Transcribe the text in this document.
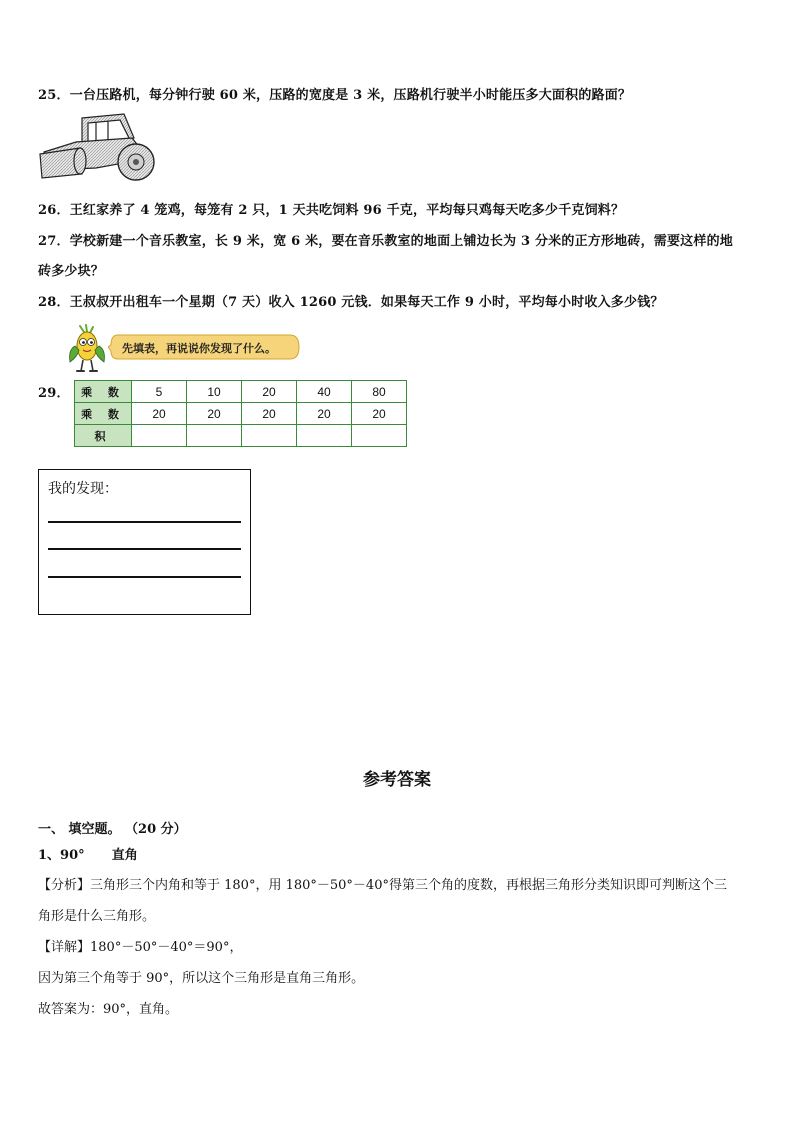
25．一台压路机，每分钟行驶 60 米，压路的宽度是 3 米，压路机行驶半小时能压多大面积的路面？
26．王红家养了 4 笼鸡，每笼有 2 只，1 天共吃饲料 96 千克，平均每只鸡每天吃多少千克饲料？
27．学校新建一个音乐教室，长 9 米，宽 6 米，要在音乐教室的地面上铺边长为 3 分米的正方形地砖，需要这样的地
砖多少块？
28．王叔叔开出租车一个星期（7 天）收入 1260 元钱．如果每天工作 9 小时，平均每小时收入多少钱？
先填表，再说说你发现了什么。
29． 乘 数	5	10	20	40	80
乘 数	20	20	20	20	20
积					
我的发现：
参考答案
一、 填空题。 （20 分）
1、90°      直角
【分析】三角形三个内角和等于 180°，用 180°－50°－40°得第三个角的度数，再根据三角形分类知识即可判断这个三
角形是什么三角形。
【详解】180°－50°－40°＝90°，
因为第三个角等于 90°，所以这个三角形是直角三角形。
故答案为：90°，直角。
